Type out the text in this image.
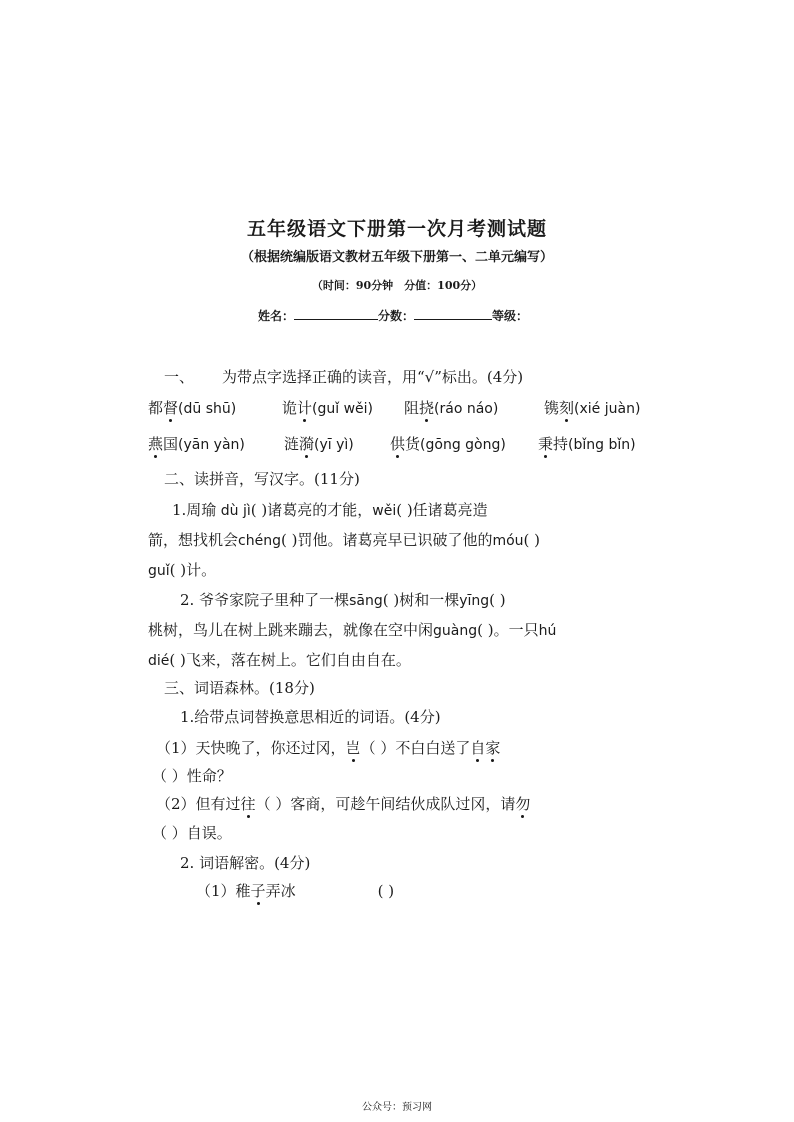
五年级语文下册第一次月考测试题
（根据统编版语文教材五年级下册第一、二单元编写）
（时间：90分钟　分值：100分）
姓名：	分数：	等级：
一、 为带点字选择正确的读音，用“√”标出。(4分)
都督(dū shū)	诡计(guǐ wěi) 阻挠(ráo náo)	镌刻(xié juàn)
燕国(yān yàn)	涟漪(yī yì) 供货(gōng gòng) 秉持(bǐng bǐn)
二、读拼音，写汉字。(11分)
1.周瑜 dù jì( )诸葛亮的才能，wěi( )任诸葛亮造
箭，想找机会chéng( )罚他。诸葛亮早已识破了他的móu( )
guǐ( )计。
2. 爷爷家院子里种了一棵sāng( )树和一棵yīng( )
桃树，鸟儿在树上跳来蹦去，就像在空中闲guàng( )。一只hú
dié( )飞来，落在树上。它们自由自在。
三、词语森林。(18分)
1.给带点词替换意思相近的词语。(4分)
（1）天快晚了，你还过冈，岂（ ）不白白送了自家
（ ）性命？
（2）但有过往（ ）客商，可趁午间结伙成队过冈，请勿
（ ）自误。
2. 词语解密。(4分)
（1）稚子弄冰	( )
公众号：预习网
